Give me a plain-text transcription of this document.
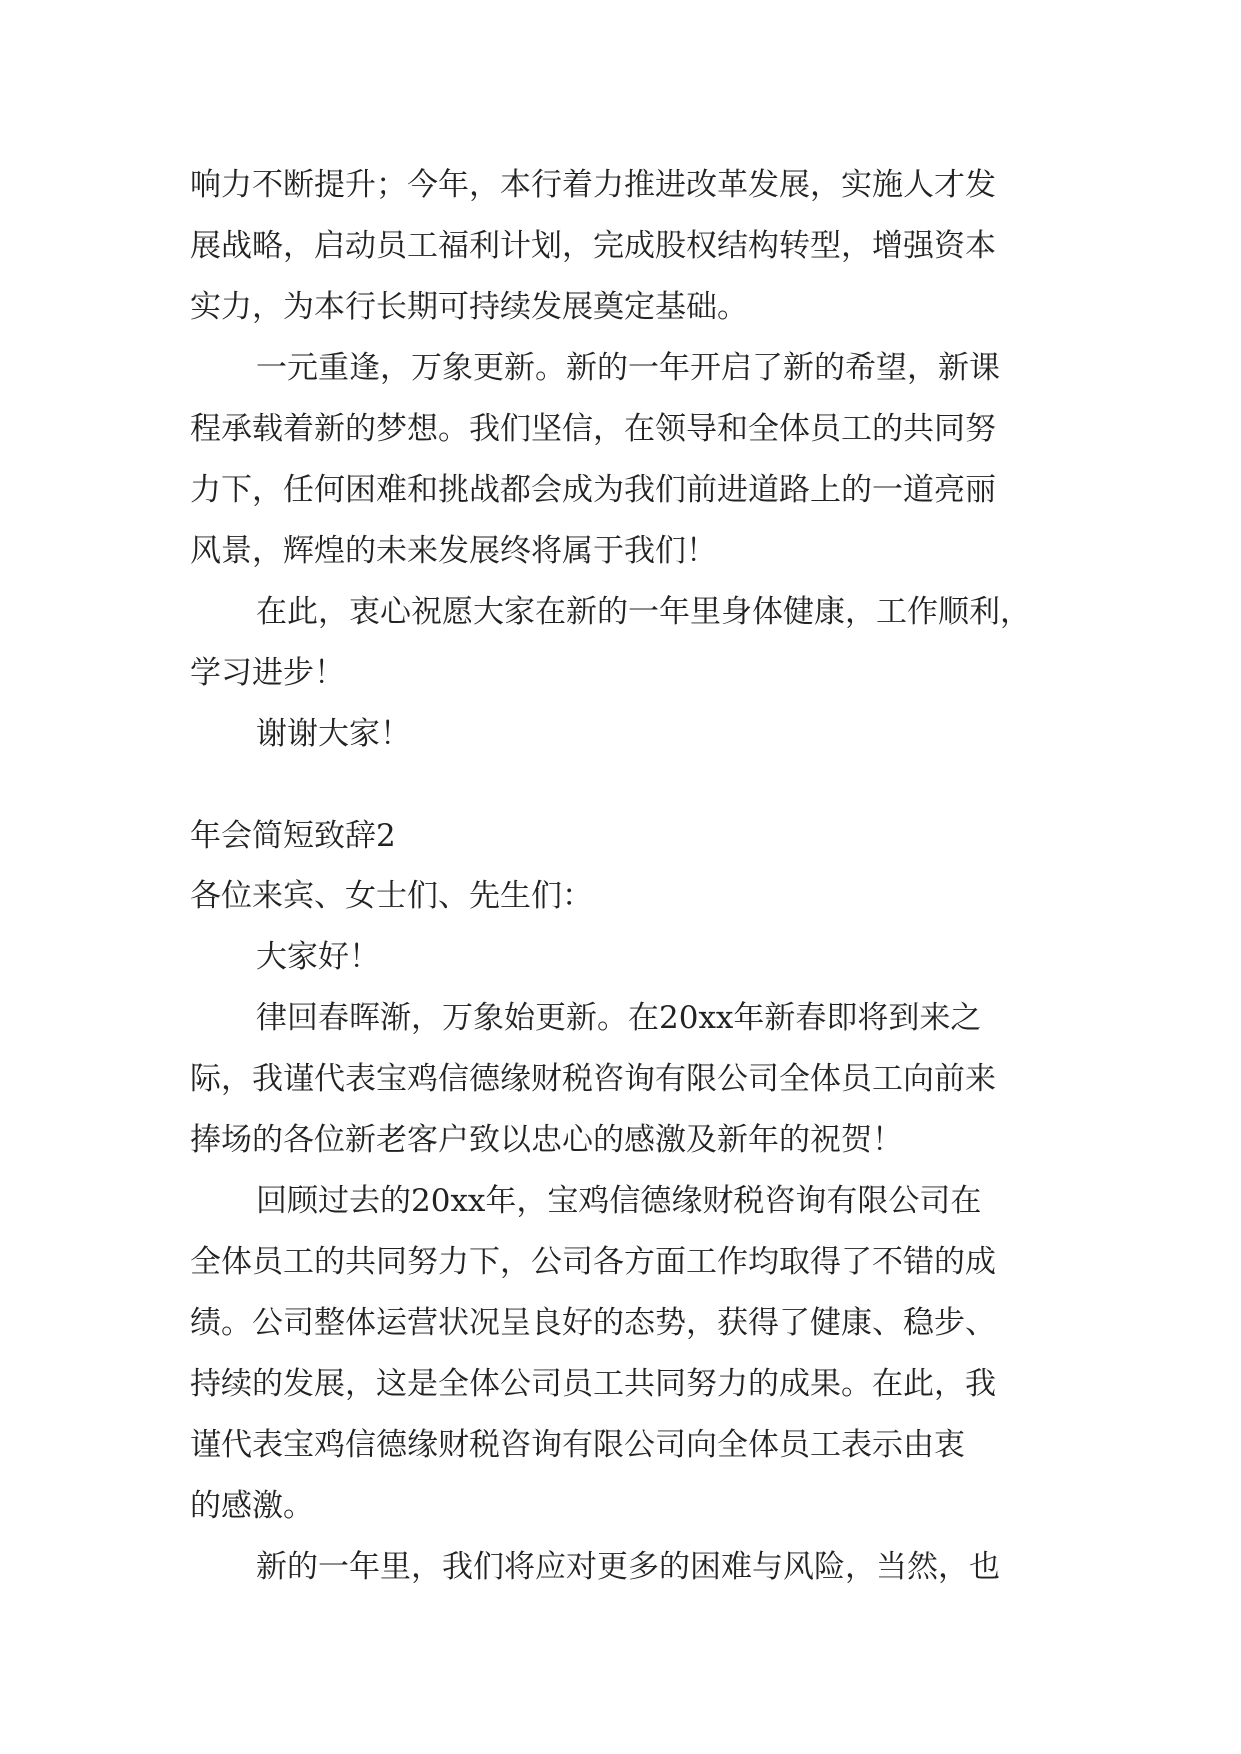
响力不断提升；今年，本行着力推进改革发展，实施人才发
展战略，启动员工福利计划，完成股权结构转型，增强资本
实力，为本行长期可持续发展奠定基础。
一元重逢，万象更新。新的一年开启了新的希望，新课
程承载着新的梦想。我们坚信，在领导和全体员工的共同努
力下，任何困难和挑战都会成为我们前进道路上的一道亮丽
风景，辉煌的未来发展终将属于我们！
在此，衷心祝愿大家在新的一年里身体健康，工作顺利，
学习进步！
谢谢大家！
年会简短致辞2
各位来宾、女士们、先生们：
大家好！
律回春晖渐，万象始更新。在20xx年新春即将到来之
际，我谨代表宝鸡信德缘财税咨询有限公司全体员工向前来
捧场的各位新老客户致以忠心的感激及新年的祝贺！
回顾过去的20xx年，宝鸡信德缘财税咨询有限公司在
全体员工的共同努力下，公司各方面工作均取得了不错的成
绩。公司整体运营状况呈良好的态势，获得了健康、稳步、
持续的发展，这是全体公司员工共同努力的成果。在此，我
谨代表宝鸡信德缘财税咨询有限公司向全体员工表示由衷
的感激。
新的一年里，我们将应对更多的困难与风险，当然，也
